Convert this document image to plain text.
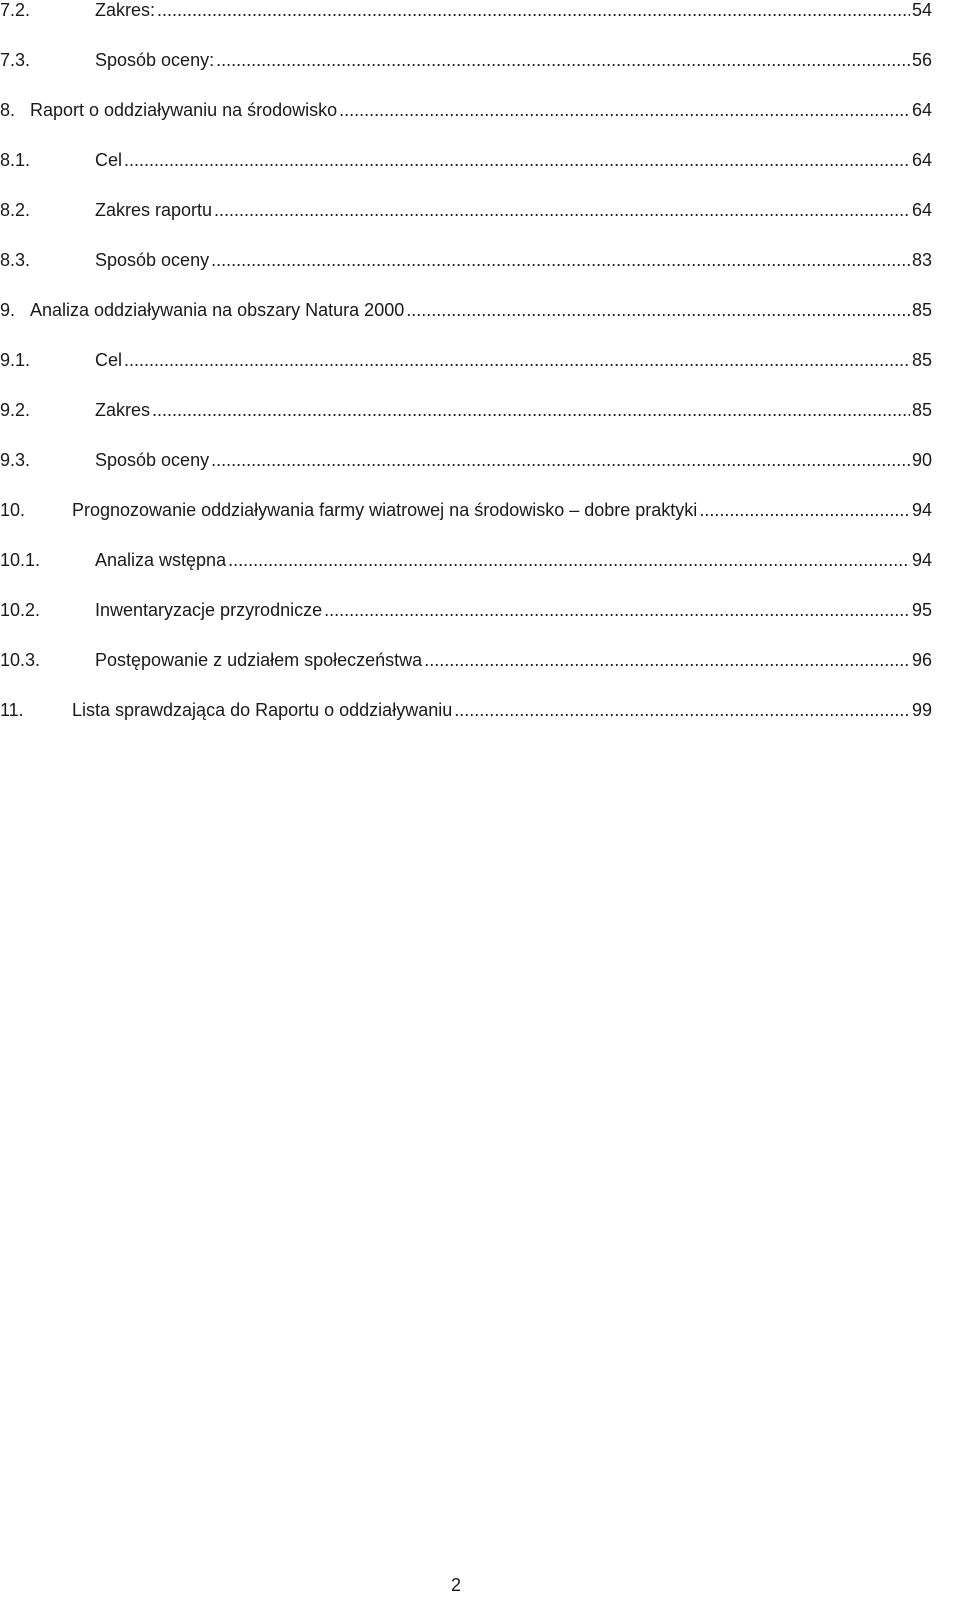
7.2.	Zakres: .....	54
7.3.	Sposób oceny: .....	56
8. Raport o oddziaływaniu na środowisko .....	64
8.1.	Cel .....	64
8.2.	Zakres raportu .....	64
8.3.	Sposób oceny .....	83
9. Analiza oddziaływania na obszary Natura 2000 .....	85
9.1.	Cel .....	85
9.2.	Zakres .....	85
9.3.	Sposób oceny .....	90
10.	Prognozowanie oddziaływania farmy wiatrowej na środowisko – dobre praktyki .....	94
10.1.	Analiza wstępna .....	94
10.2.	Inwentaryzacje przyrodnicze .....	95
10.3.	Postępowanie z udziałem społeczeństwa .....	96
11.	Lista sprawdzająca do Raportu o oddziaływaniu .....	99
2
